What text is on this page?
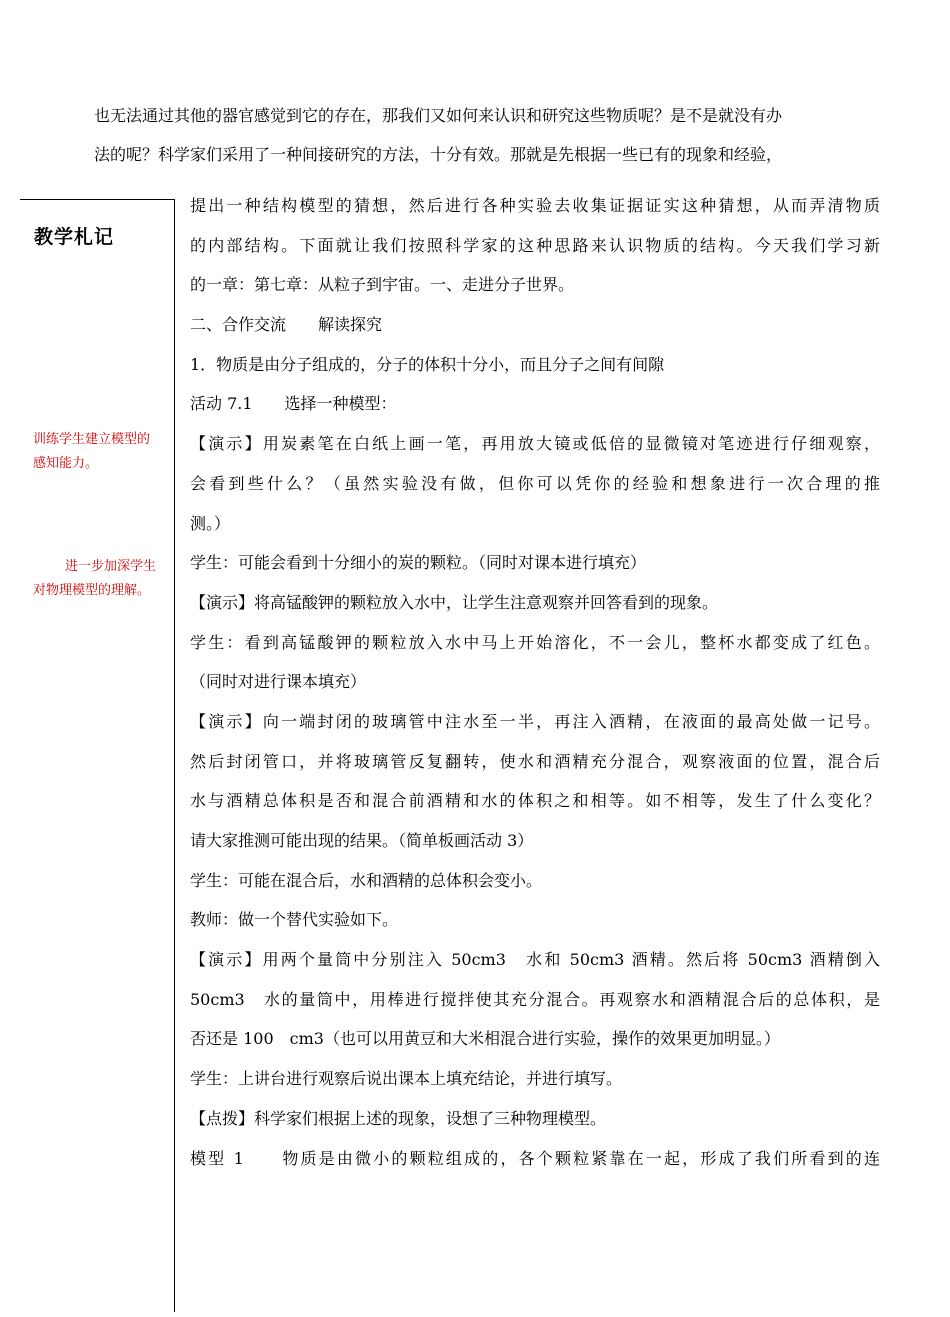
也无法通过其他的器官感觉到它的存在，那我们又如何来认识和研究这些物质呢？是不是就没有办

法的呢？科学家们采用了一种间接研究的方法，十分有效。那就是先根据一些已有的现象和经验，

教学札记
训练学生建立模型的感知能力。
进一步加深学生对物理模型的理解。

提出一种结构模型的猜想，然后进行各种实验去收集证据证实这种猜想，从而弄清物质

的内部结构。下面就让我们按照科学家的这种思路来认识物质的结构。今天我们学习新

的一章：第七章：从粒子到宇宙。一、走进分子世界。

二、合作交流　　解读探究

1．物质是由分子组成的，分子的体积十分小，而且分子之间有间隙

活动 7.1　　选择一种模型：

【演示】用炭素笔在白纸上画一笔，再用放大镜或低倍的显微镜对笔迹进行仔细观察，

会看到些什么？（虽然实验没有做，但你可以凭你的经验和想象进行一次合理的推

测。）

学生：可能会看到十分细小的炭的颗粒。（同时对课本进行填充）

【演示】将高锰酸钾的颗粒放入水中，让学生注意观察并回答看到的现象。

学生：看到高锰酸钾的颗粒放入水中马上开始溶化，不一会儿，整杯水都变成了红色。

（同时对进行课本填充）

【演示】向一端封闭的玻璃管中注水至一半，再注入酒精，在液面的最高处做一记号。

然后封闭管口，并将玻璃管反复翻转，使水和酒精充分混合，观察液面的位置，混合后

水与酒精总体积是否和混合前酒精和水的体积之和相等。如不相等，发生了什么变化？

请大家推测可能出现的结果。（简单板画活动 3）

学生：可能在混合后，水和酒精的总体积会变小。

教师：做一个替代实验如下。

【演示】用两个量筒中分别注入 50cm3　水和 50cm3 酒精。然后将 50cm3 酒精倒入

50cm3　水的量筒中，用棒进行搅拌使其充分混合。再观察水和酒精混合后的总体积，是

否还是 100　cm3（也可以用黄豆和大米相混合进行实验，操作的效果更加明显。）

学生：上讲台进行观察后说出课本上填充结论，并进行填写。

【点拨】科学家们根据上述的现象，设想了三种物理模型。

模型 1　　物质是由微小的颗粒组成的，各个颗粒紧靠在一起，形成了我们所看到的连
